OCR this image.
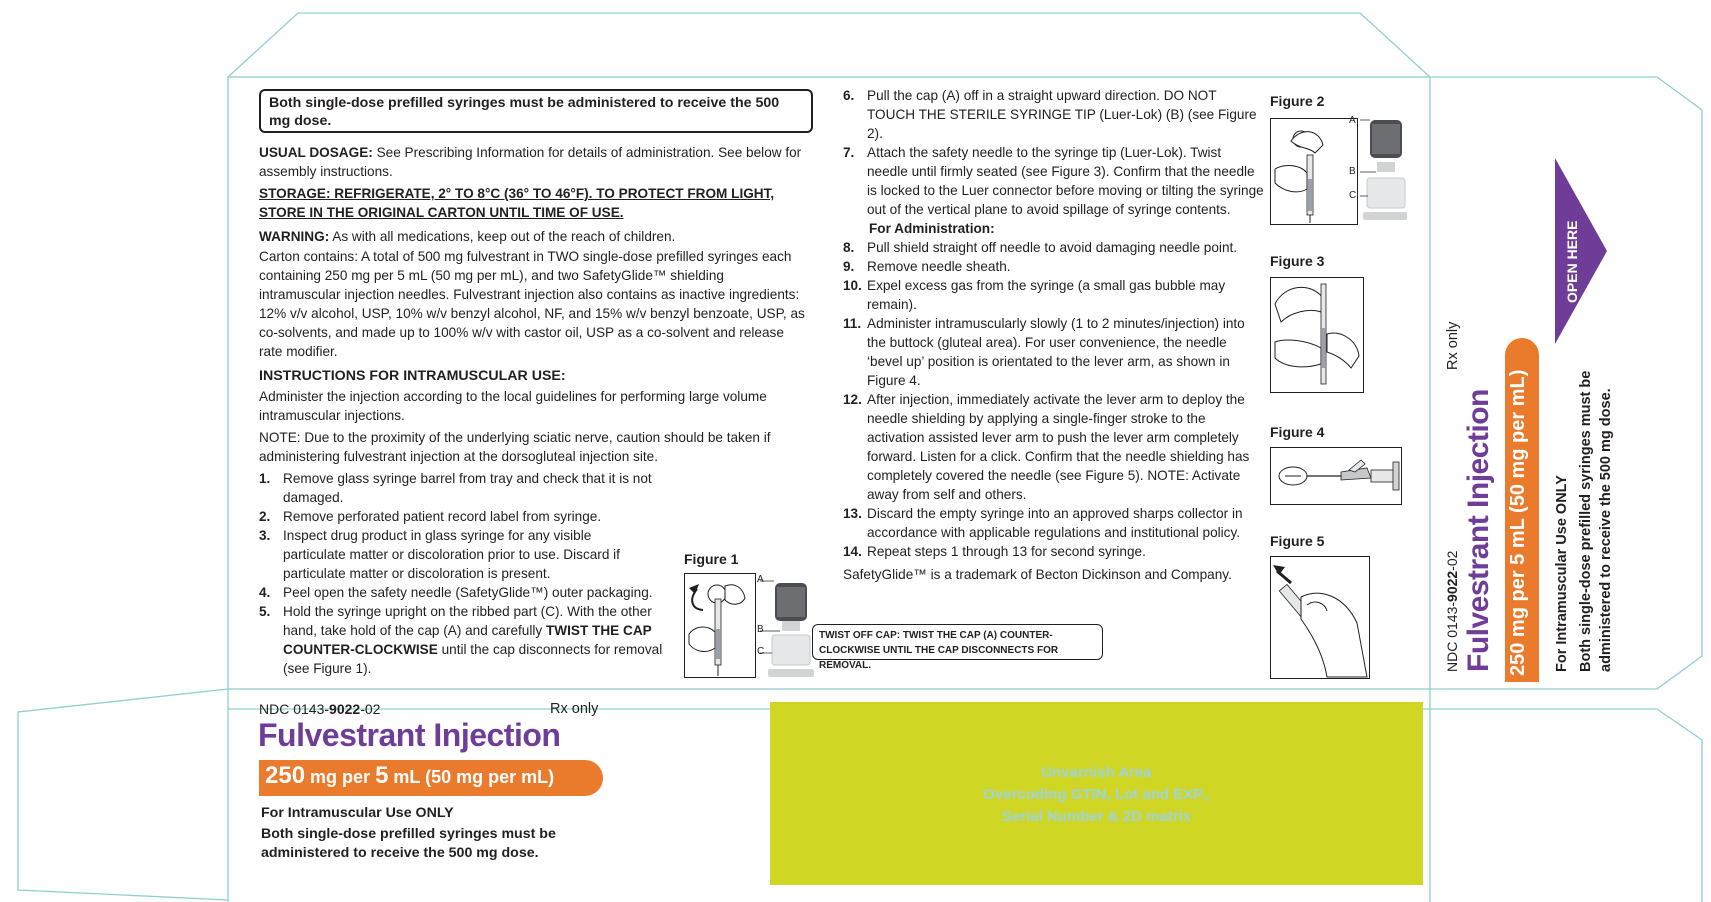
Both single-dose prefilled syringes must be administered to receive the 500 mg dose.
USUAL DOSAGE: See Prescribing Information for details of administration. See below for assembly instructions.
STORAGE: REFRIGERATE, 2° TO 8°C (36° TO 46°F). TO PROTECT FROM LIGHT, STORE IN THE ORIGINAL CARTON UNTIL TIME OF USE.
WARNING: As with all medications, keep out of the reach of children.
Carton contains: A total of 500 mg fulvestrant in TWO single-dose prefilled syringes each containing 250 mg per 5 mL (50 mg per mL), and two SafetyGlide™ shielding intramuscular injection needles. Fulvestrant injection also contains as inactive ingredients: 12% v/v alcohol, USP, 10% w/v benzyl alcohol, NF, and 15% w/v benzyl benzoate, USP, as co-solvents, and made up to 100% w/v with castor oil, USP as a co-solvent and release rate modifier.
INSTRUCTIONS FOR INTRAMUSCULAR USE:
Administer the injection according to the local guidelines for performing large volume intramuscular injections.
NOTE: Due to the proximity of the underlying sciatic nerve, caution should be taken if administering fulvestrant injection at the dorsogluteal injection site.
1. Remove glass syringe barrel from tray and check that it is not damaged.
2. Remove perforated patient record label from syringe.
3. Inspect drug product in glass syringe for any visible particulate matter or discoloration prior to use. Discard if particulate matter or discoloration is present.
4. Peel open the safety needle (SafetyGlide™) outer packaging.
5. Hold the syringe upright on the ribbed part (C). With the other hand, take hold of the cap (A) and carefully TWIST THE CAP COUNTER-CLOCKWISE until the cap disconnects for removal (see Figure 1).
Figure 1
A
B
C
TWIST OFF CAP: TWIST THE CAP (A) COUNTER-CLOCKWISE UNTIL THE CAP DISCONNECTS FOR REMOVAL.
6. Pull the cap (A) off in a straight upward direction. DO NOT TOUCH THE STERILE SYRINGE TIP (Luer-Lok) (B) (see Figure 2).
7. Attach the safety needle to the syringe tip (Luer-Lok). Twist needle until firmly seated (see Figure 3). Confirm that the needle is locked to the Luer connector before moving or tilting the syringe out of the vertical plane to avoid spillage of syringe contents.
For Administration:
8. Pull shield straight off needle to avoid damaging needle point.
9. Remove needle sheath.
10. Expel excess gas from the syringe (a small gas bubble may remain).
11. Administer intramuscularly slowly (1 to 2 minutes/injection) into the buttock (gluteal area). For user convenience, the needle ‘bevel up’ position is orientated to the lever arm, as shown in Figure 4.
12. After injection, immediately activate the lever arm to deploy the needle shielding by applying a single-finger stroke to the activation assisted lever arm to push the lever arm completely forward. Listen for a click. Confirm that the needle shielding has completely covered the needle (see Figure 5). NOTE: Activate away from self and others.
13. Discard the empty syringe into an approved sharps collector in accordance with applicable regulations and institutional policy.
14. Repeat steps 1 through 13 for second syringe.
SafetyGlide™ is a trademark of Becton Dickinson and Company.
Figure 2
A
B
C
Figure 3
Figure 4
Figure 5
NDC 0143-9022-02	Rx only
Fulvestrant Injection
250 mg per 5 mL (50 mg per mL)
For Intramuscular Use ONLY
Both single-dose prefilled syringes must be administered to receive the 500 mg dose.
Unvarnish Area
Overcoding GTIN, Lot and EXP.,
Serial Number & 2D matrix
Rx only
NDC 0143-9022-02 Fulvestrant Injection 250 mg per 5 mL (50 mg per mL) For Intramuscular Use ONLY Both single-dose prefilled syringes must be administered to receive the 500 mg dose.
OPEN HERE
